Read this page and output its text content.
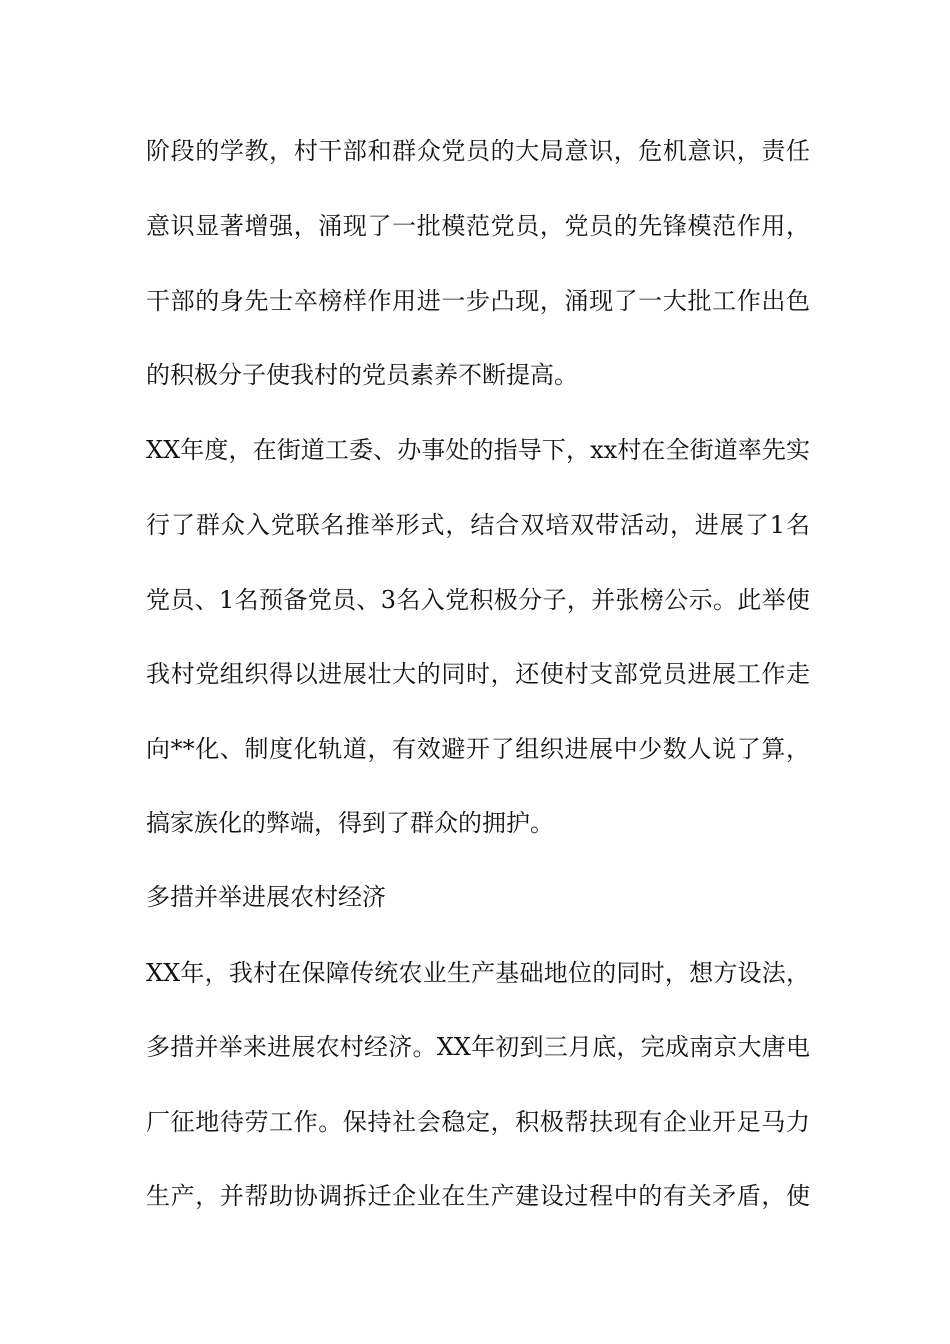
阶段的学教，村干部和群众党员的大局意识，危机意识，责任
意识显著增强，涌现了一批模范党员，党员的先锋模范作用，
干部的身先士卒榜样作用进一步凸现，涌现了一大批工作出色
的积极分子使我村的党员素养不断提高。
XX年度，在街道工委、办事处的指导下，xx村在全街道率先实
行了群众入党联名推举形式，结合双培双带活动，进展了1名
党员、1名预备党员、3名入党积极分子，并张榜公示。此举使
我村党组织得以进展壮大的同时，还使村支部党员进展工作走
向**化、制度化轨道，有效避开了组织进展中少数人说了算，
搞家族化的弊端，得到了群众的拥护。
多措并举进展农村经济
XX年，我村在保障传统农业生产基础地位的同时，想方设法，
多措并举来进展农村经济。XX年初到三月底，完成南京大唐电
厂征地待劳工作。保持社会稳定，积极帮扶现有企业开足马力
生产，并帮助协调拆迁企业在生产建设过程中的有关矛盾，使
